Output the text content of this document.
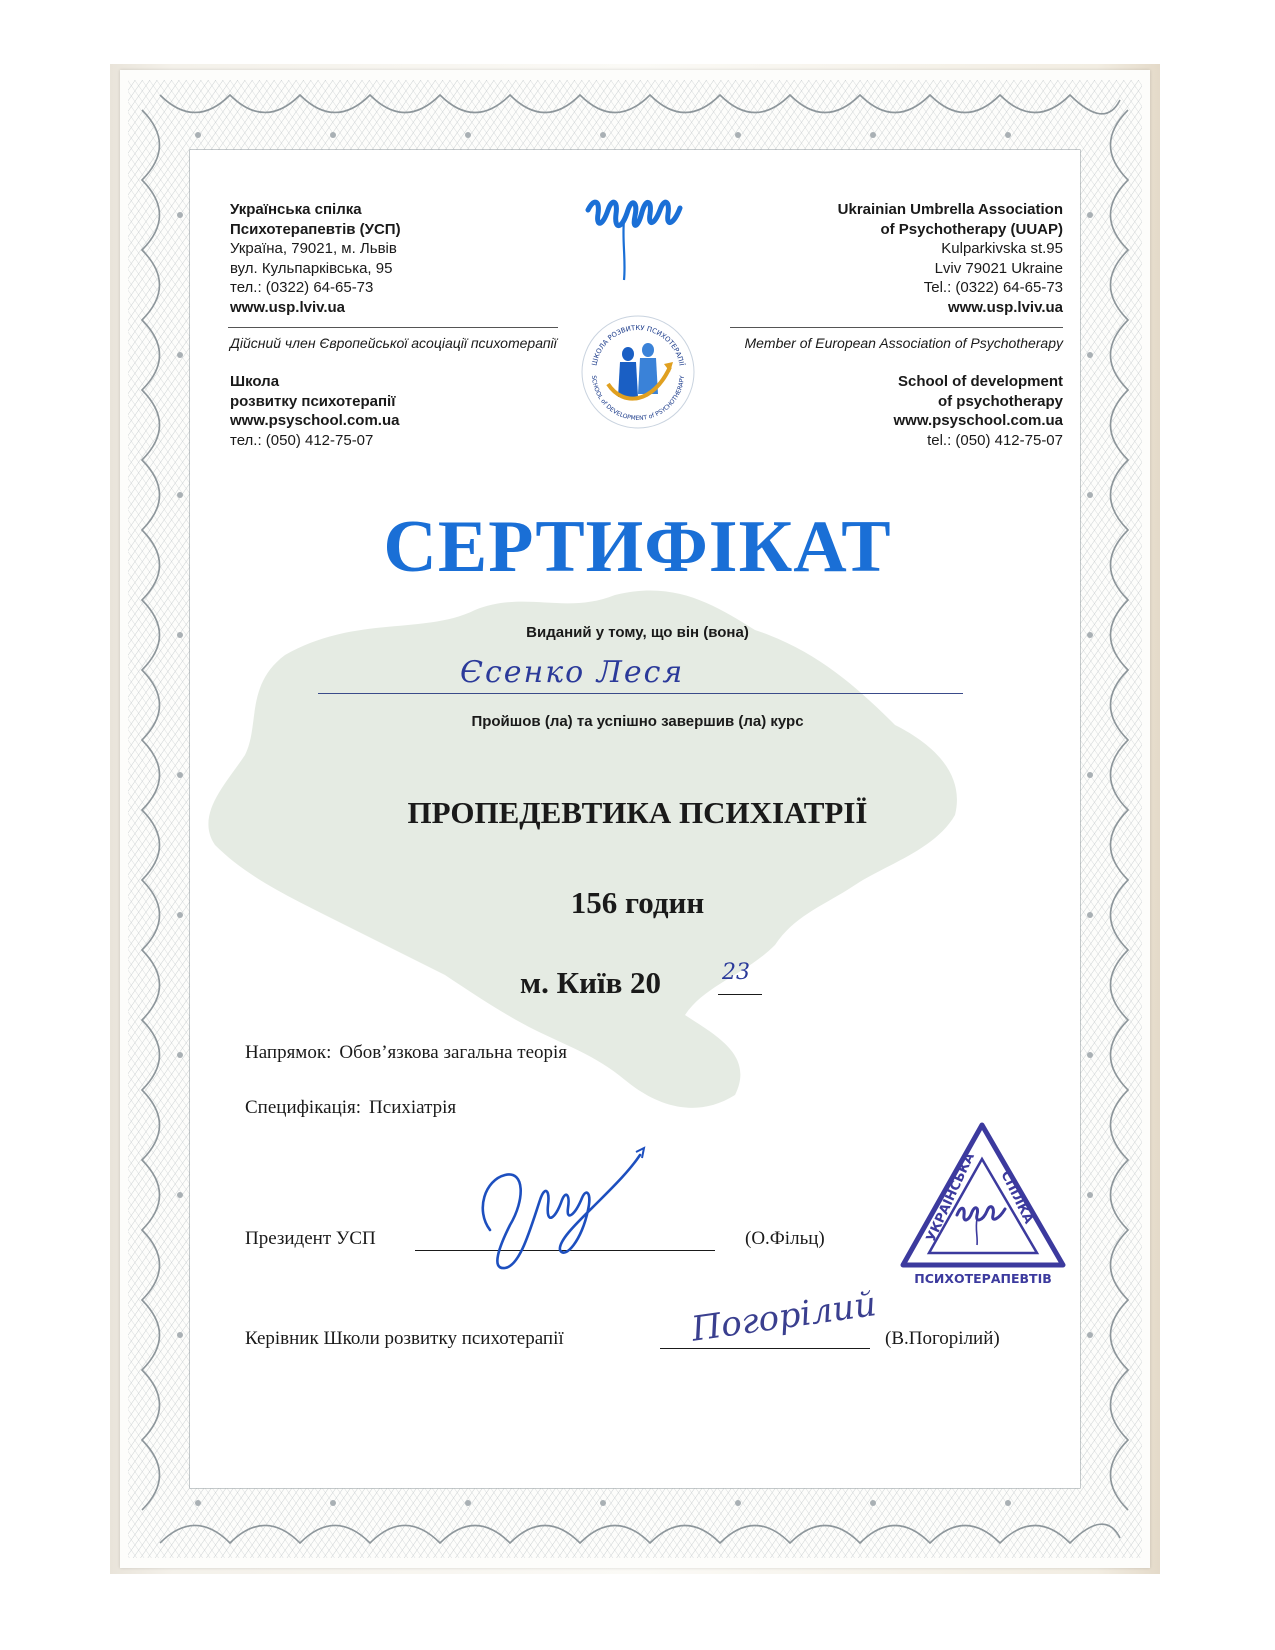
Українська спілка
Психотерапевтів (УСП)
Україна, 79021, м. Львів
вул. Кульпарківська, 95
тел.: (0322) 64-65-73
www.usp.lviv.ua
Ukrainian Umbrella Association
of Psychotherapy (UUAP)
Kulparkivska st.95
Lviv 79021 Ukraine
Tel.: (0322) 64-65-73
www.usp.lviv.ua
Дійсний член Європейської асоціації психотерапії	Member of European Association of Psychotherapy
Школа
розвитку психотерапії
www.psyschool.com.ua
тел.: (050) 412-75-07
School of development
of psychotherapy
www.psyschool.com.ua
tel.: (050) 412-75-07
ШКОЛА РОЗВИТКУ ПСИХОТЕРАПІЇ
SCHOOL of DEVELOPMENT of PSYCHOTHERAPY
СЕРТИФІКАТ
Виданий у тому, що він (вона)
Єсенко Леся
Пройшов (ла) та успішно завершив (ла) курс
ПРОПЕДЕВТИКА ПСИХІАТРІЇ
156 годин
м. Київ 20	23
Напрямок: Обов’язкова загальна теорія
Специфікація: Психіатрія
Президент УСП	(О.Фільц)
Керівник Школи розвитку психотерапії	(В.Погорілий)
Погорілий
УКРАЇНСЬКА
СПІЛКА
ПСИХОТЕРАПЕВТІВ
